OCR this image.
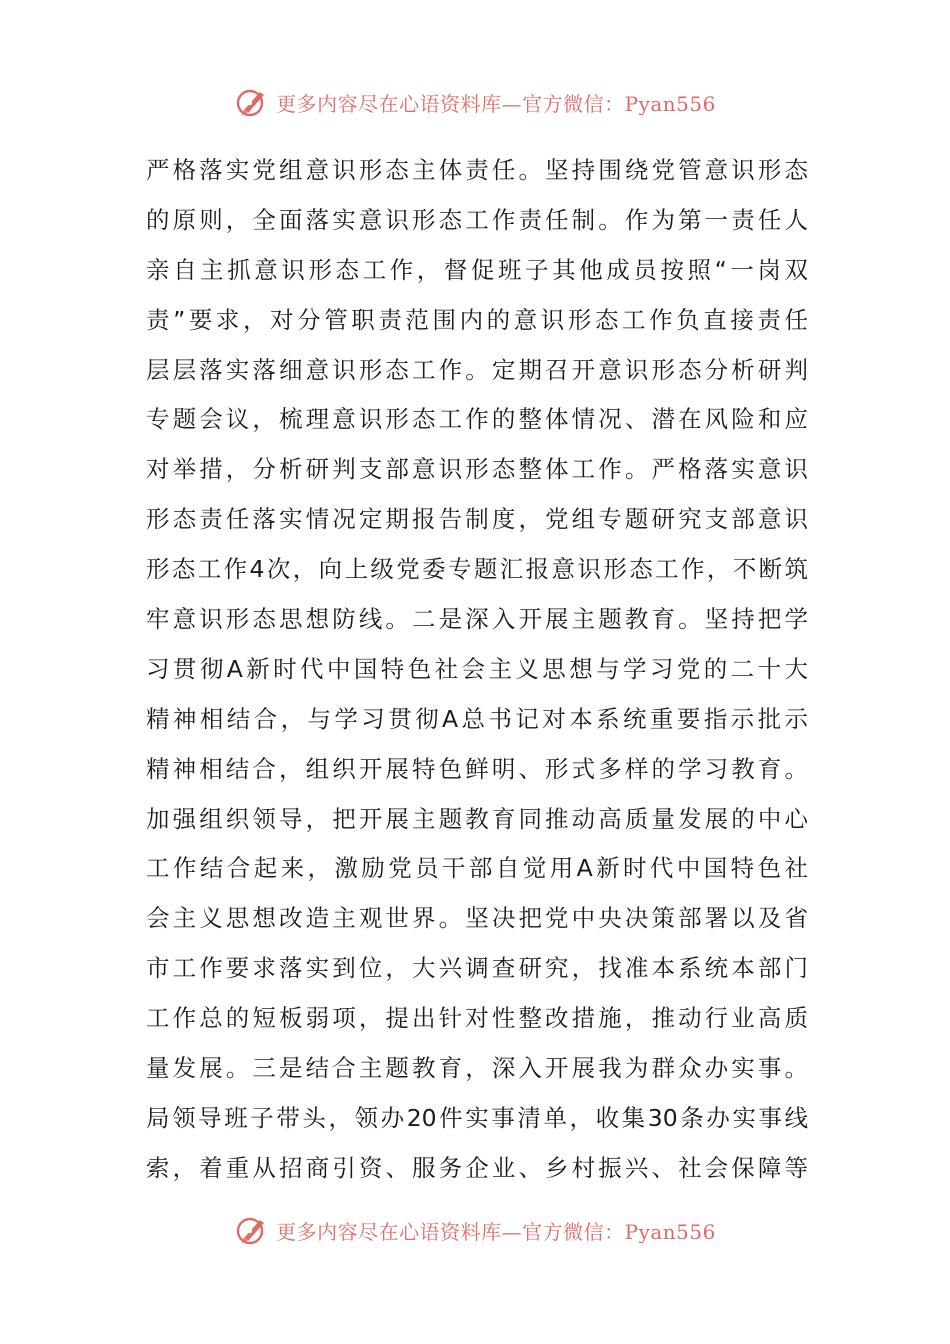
更多内容尽在心语资料库—官方微信：Pyan556
严格落实党组意识形态主体责任。坚持围绕党管意识形态
的原则，全面落实意识形态工作责任制。作为第一责任人
亲自主抓意识形态工作，督促班子其他成员按照“一岗双
责”要求，对分管职责范围内的意识形态工作负直接责任
层层落实落细意识形态工作。定期召开意识形态分析研判
专题会议，梳理意识形态工作的整体情况、潜在风险和应
对举措，分析研判支部意识形态整体工作。严格落实意识
形态责任落实情况定期报告制度，党组专题研究支部意识
形态工作4次，向上级党委专题汇报意识形态工作，不断筑
牢意识形态思想防线。二是深入开展主题教育。坚持把学
习贯彻A新时代中国特色社会主义思想与学习党的二十大
精神相结合，与学习贯彻A总书记对本系统重要指示批示
精神相结合，组织开展特色鲜明、形式多样的学习教育。
加强组织领导，把开展主题教育同推动高质量发展的中心
工作结合起来，激励党员干部自觉用A新时代中国特色社
会主义思想改造主观世界。坚决把党中央决策部署以及省
市工作要求落实到位，大兴调查研究，找准本系统本部门
工作总的短板弱项，提出针对性整改措施，推动行业高质
量发展。三是结合主题教育，深入开展我为群众办实事。
局领导班子带头，领办20件实事清单，收集30条办实事线
索，着重从招商引资、服务企业、乡村振兴、社会保障等
更多内容尽在心语资料库—官方微信：Pyan556
